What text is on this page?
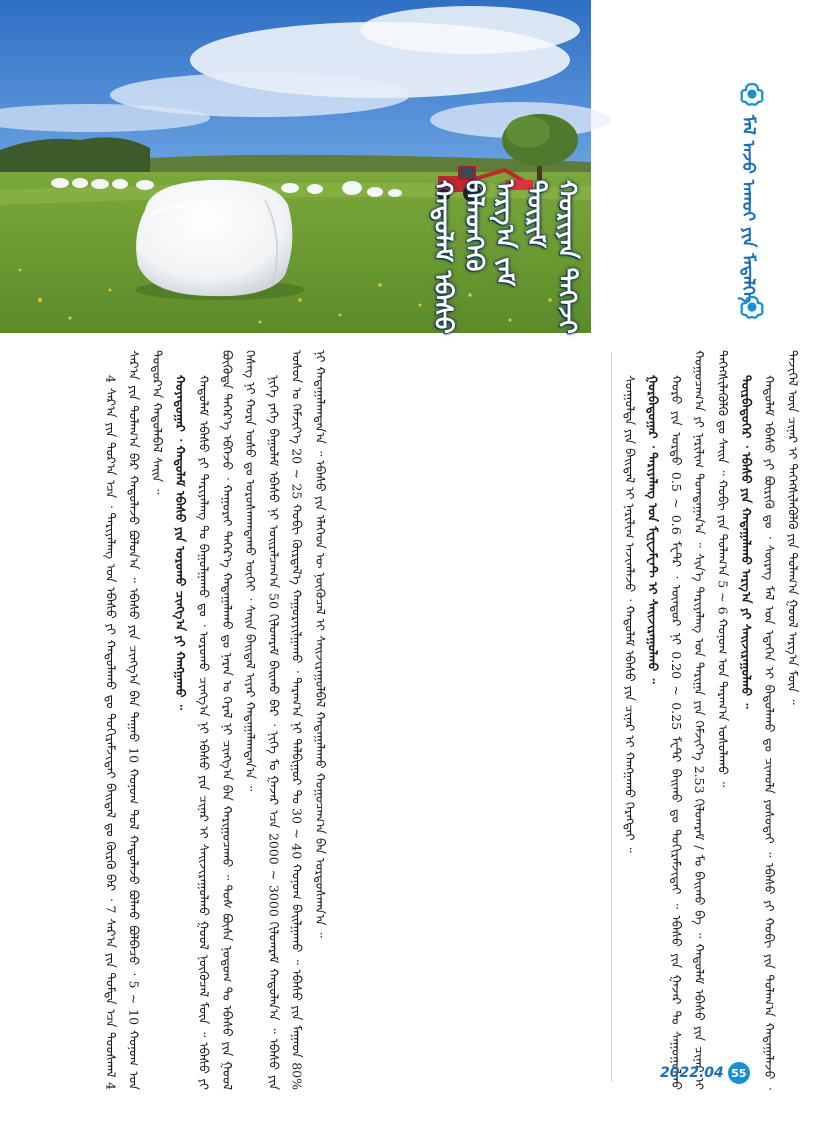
ᠬᠠᠳᠤᠯᠠᠮ ᠡᠪᠡᠰᠦ ᠪᠡᠯᠡᠳᠭᠡᠬᠦ ᠠᠷᠭ᠎ᠠ ᠵᠠᠮ ᠳᠦᠷᠢᠮ ᠬᠤᠷᠢᠶᠠᠨ ᠳᠡᠭᠡᠵᠢ	ᠮᠠᠯ ᠠᠵᠤ ᠠᠬᠤᠢ ᠶᠢᠨ ᠮᠡᠳᠡᠯᠭᠡ

4 ᠰᠠᠷ᠎ᠠ ᠶᠢᠨ ᠳᠤᠷ᠎ᠠ ᠡᠴᠡ ᠂ ᠲᠠᠷᠢᠶᠠᠯᠠᠩ ᠤᠨ ᠡᠪᠡᠰᠦ ᠶᠢ ᠬᠠᠳᠤᠯᠠᠬᠤ ᠳᠤ ᠲᠤᠬᠢᠷᠠᠮᠵᠢᠲᠠᠢ ᠪᠠᠢᠳᠠᠯ ᠳᠤ ᠬᠦᠷᠬᠦ ᠪᠠᠷ ᠂ 7 ᠰᠠᠷ᠎ᠠ ᠶᠢᠨ ᠳᠤᠮᠳᠠ ᠡᠴᠡ ᠳᠤᠤᠰᠬᠠᠯ 4 ᠰᠠᠷ᠎ᠠ ᠶᠢᠨ ᠲᠤᠯᠠᠭ᠎ᠠ ᠪᠡᠷ ᠬᠠᠳᠤᠯᠠᠵᠤ ᠪᠤᠯᠤᠨ᠎ᠠ ᠃ ᠡᠪᠡᠰᠦ ᠶᠢᠨ ᠴᠢᠩᠭ᠎ᠠ ᠪᠠᠨ ᠳᠠᠭᠠᠤ 10 ᠬᠤᠨᠤᠭ ᠲᠤᠯ ᠬᠠᠳᠤᠯᠠᠵᠤ ᠪᠤᠯᠬᠤ ᠪᠤᠯᠪᠠᠴᠤ ᠂ 5 ~ 10 ᠬᠤᠨᠤᠭ ᠤᠨ ᠳᠤᠳᠤᠷ᠎ᠠ ᠬᠠᠳᠤᠯᠠᠪᠠᠯ ᠰᠠᠢᠨ ᠃ ᠬᠤᠶᠠᠳᠤᠭᠠᠷ ᠂ ᠬᠠᠳᠤᠯᠠᠮ ᠡᠪᠡᠰᠦ ᠶᠢᠨ ᠣᠷᠣᠬᠤ ᠴᠢᠩᠭ᠎ᠠ ᠶᠢ ᠬᠠᠩᠭᠠᠬᠤ ᠃ ᠬᠠᠳᠤᠯᠠᠮ ᠡᠪᠡᠰᠦ ᠶᠢ ᠲᠠᠷᠢᠶᠠᠯᠠᠩ ᠲᠤ ᠪᠠᠭᠤᠯᠭᠠᠬᠤ ᠳᠤ ᠂ ᠣᠷᠣᠬᠤ ᠴᠢᠩᠭ᠎ᠠ ᠨᠢ ᠡᠪᠡᠰᠦ ᠶᠢᠨ ᠴᠢᠨᠠᠷ ᠢ ᠰᠠᠢᠵᠢᠷᠠᠭᠤᠯᠬᠤ ᠭᠣᠣᠯ ᠨᠥᠬᠥᠴᠡᠯ ᠮᠥᠨ ᠃ ᠡᠪᠡᠰᠦ ᠶᠢ ᠪᠦᠭᠦᠳᠡ ᠳᠡᠭᠡᠷ᠎ᠡ ᠡᠪᠬᠡᠵᠦ ᠂ ᠬᠠᠭᠤᠷᠠᠶ ᠳᠡᠭᠡᠷ᠎ᠡ ᠬᠠᠳᠠᠭᠠᠯᠠᠬᠤ ᠳᠤ ᠨᠠᠷᠠᠨ ᠤ ᠭᠡᠷᠡᠯ ᠨᠢ ᠴᠢᠩᠭ᠎ᠠ ᠪᠠᠨ ᠬᠠᠷᠢᠭᠤᠴᠠᠬᠤ ᠃ ᠲᠤᠰ ᠪᠦᠰᠡ ᠨᠤᠲᠤᠭ ᠲᠤ ᠡᠪᠡᠰᠦ ᠶᠢᠨ ᠭᠣᠣᠯ ᠬᠡᠰᠡᠭ ᠨᠢ ᠬᠤᠷᠠ ᠤᠰᠤ ᠳᠤ ᠤᠷᠤᠰᠬᠠᠭᠳᠠᠬᠤ ᠦᠭᠡᠢ ᠂ ᠰᠠᠢᠨ ᠪᠠᠢᠳᠠᠯ ᠢᠶᠠᠷ ᠬᠠᠳᠠᠭᠠᠯᠠᠭᠳᠠᠨ᠎ᠠ ᠃ ᠨᠢᠭᠡ ᠶᠡᠬᠡ ᠪᠠᠭᠤᠯᠠᠮ ᠡᠪᠡᠰᠦ ᠨᠢ ᠣᠢᠷᠠᠯᠴᠠᠭ᠎ᠠ 50 ᠭᠢᠯᠤᠭᠷᠠᠮ ᠪᠠᠢᠬᠤ ᠪᠠᠷ ᠂ ᠨᠢᠭᠡ ᠮᠤ ᠭᠠᠵᠠᠷ ᠡᠴᠡ 2000 ~ 3000 ᠭᠢᠯᠤᠭᠷᠠᠮ ᠬᠠᠳᠤᠯᠠᠨ᠎ᠠ ᠃ ᠡᠪᠡᠰᠦ ᠶᠢᠨ ᠤᠰᠤᠨ ᠤ ᠬᠡᠮᠵᠢᠶ᠎ᠡ 20 ~ 25 ᠬᠤᠪᠢ ᠬᠦᠷᠲᠡᠯ᠎ᠡ ᠬᠠᠭᠤᠷᠠᠶᠢᠯᠭᠠᠬᠤ ᠂ ᠳᠠᠷᠠᠭ᠎ᠠ ᠨᠢ ᠲᠠᠯᠪᠢᠭᠤᠷ ᠲᠤ 30 ~ 40 ᠬᠤᠨᠤᠭ ᠪᠠᠢᠯᠭᠠᠬᠤ ᠃ ᠡᠪᠡᠰᠦ ᠶᠢᠨ ᠮᠠᠭᠠᠳ 80% ᠨᠢ ᠬᠠᠳᠠᠭᠠᠯᠠᠭᠳᠠᠨ᠎ᠠ ᠃ ᠡᠪᠡᠰᠦ ᠶᠢᠨ ᠡᠯᠡᠭᠡᠳ ᠦ ᠨᠥᠬᠥᠴᠡᠯ ᠢ ᠰᠠᠢᠵᠢᠷᠠᠭᠤᠯᠪᠠᠯ ᠬᠠᠳᠠᠭᠠᠯᠠᠬᠤ ᠬᠤᠭᠤᠴᠠᠭ᠎ᠠ ᠪᠠᠨ ᠤᠷᠲᠤᠰᠬᠠᠨ᠎ᠠ ᠃	ᠰᠤᠨᠭᠤᠯᠲᠠ ᠶᠢᠨ ᠪᠠᠢᠳᠠᠯ ᠢ ᠨᠠᠷᠢᠯᠢᠭ ᠠᠵᠢᠭᠯᠠᠵᠤ ᠂ ᠬᠠᠳᠤᠯᠠᠮ ᠡᠪᠡᠰᠦ ᠶᠢᠨ ᠴᠢᠨᠠᠷ ᠢ ᠬᠠᠩᠭᠠᠬᠤ ᠬᠡᠷᠡᠭᠲᠡᠢ ᠃ ᠭᠤᠷᠪᠠᠳᠤᠭᠠᠷ ᠂ ᠲᠠᠷᠢᠶᠠᠯᠠᠩ ᠤᠨ ᠮᠧᠨᠧᠵᠮᠧᠨᠲ ᠢ ᠰᠠᠢᠵᠢᠷᠠᠭᠤᠯᠬᠤ ᠃ ᠬᠤᠷᠤ ᠶᠢᠨ ᠤᠷᠲᠤ 0.5 ~ 0.6 ᠮᠧᠲᠷ ᠂ ᠥᠨᠳᠥᠷ ᠨᠢ 0.20 ~ 0.25 ᠮᠧᠲᠷ ᠪᠠᠢᠬᠤ ᠳᠤ ᠲᠤᠬᠢᠷᠠᠮᠵᠢᠲᠠᠢ ᠃ ᠡᠪᠡᠰᠦ ᠶᠢᠨ ᠭᠠᠵᠠᠷ ᠲᠤ ᠰᠠᠭᠤᠭᠤᠯᠬᠤ ᠬᠤᠭᠤᠴᠠᠭ᠎ᠠ ᠶᠢ ᠨᠠᠷᠢᠯᠢᠭ ᠲᠣᠭᠲᠠᠭᠠᠨ᠎ᠠ ᠃ ᠰᠢᠨ᠎ᠡ ᠲᠠᠷᠢᠶᠠᠯᠠᠩ ᠤᠨ ᠲᠠᠷᠢᠭᠠ ᠶᠢᠨ ᠬᠡᠮᠵᠢᠶ᠎ᠡ 2.53 ᠭᠢᠯᠤᠭᠷᠠᠮ / ᠮᠤ ᠪᠠᠢᠬᠤ ᠪᠠ ᠃ ᠬᠠᠳᠤᠯᠠᠮ ᠡᠪᠡᠰᠦ ᠶᠢᠨ ᠴᠢᠨᠠᠷ ᠢ ᠳᠡᠭᠡᠭᠰᠢᠯᠡᠭᠦᠯᠬᠦ ᠳᠤ ᠰᠠᠢᠨ ᠃ ᠬᠤᠪᠢ ᠶᠢᠨ ᠲᠤᠯᠠᠭ᠎ᠠ 5 ~ 6 ᠬᠤᠨᠤᠭ ᠤᠨ ᠳᠠᠷᠠᠭ᠎ᠠ ᠤᠰᠤᠯᠠᠬᠤ ᠃ ᠳᠥᠷᠪᠡᠳᠦᠭᠡᠷ ᠂ ᠡᠪᠡᠰᠦ ᠶᠢᠨ ᠬᠠᠳᠠᠭᠠᠯᠠᠬᠤ ᠠᠷᠭ᠎ᠠ ᠶᠢ ᠰᠠᠢᠵᠢᠷᠠᠭᠤᠯᠬᠤ ᠃ ᠬᠠᠳᠤᠯᠠᠮ ᠡᠪᠡᠰᠦ ᠶᠢ ᠪᠦᠷᠢᠬᠦ ᠳᠤ ᠂ ᠰᠦᠷᠡᠭ ᠮᠠᠯ ᠤᠨ ᠡᠳᠡᠭᠡᠨ ᠢ ᠪᠠᠲᠤᠯᠠᠬᠤ ᠳᠤ ᠴᠢᠬᠤᠯᠠ ᠶᠤᠰᠤᠲᠠᠢ ᠃ ᠡᠪᠡᠰᠦ ᠶᠢ ᠬᠤᠪᠢ ᠶᠢᠨ ᠲᠤᠯᠠᠭ᠎ᠠ ᠬᠠᠳᠠᠭᠠᠯᠠᠵᠤ ᠂ ᠲᠡᠵᠢᠭᠡᠯ ᠦᠨ ᠴᠢᠨᠠᠷ ᠢ ᠳᠡᠭᠡᠭᠰᠢᠯᠡᠭᠦᠯᠬᠦ ᠶᠢᠨ ᠲᠤᠯᠠᠭ᠎ᠠ ᠭᠣᠣᠯ ᠠᠷᠭ᠎ᠠ ᠮᠥᠨ ᠃

2022.04 55
